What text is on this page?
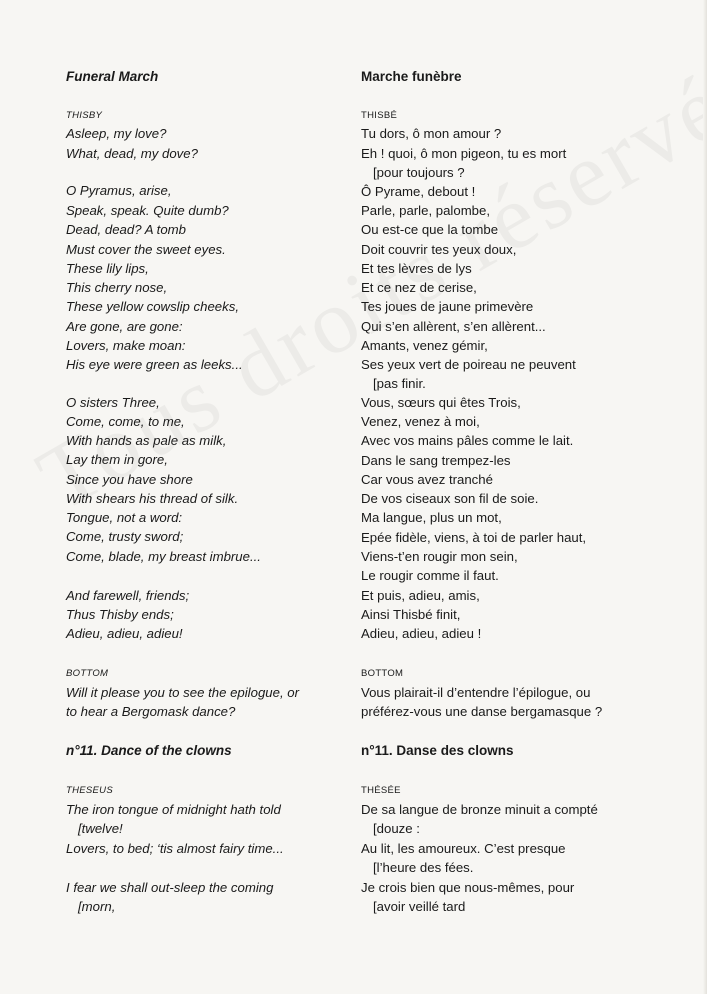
Funeral March
THISBY
Asleep, my love?
What, dead, my dove?
O Pyramus, arise,
Speak, speak. Quite dumb?
Dead, dead? A tomb
Must cover the sweet eyes.
These lily lips,
This cherry nose,
These yellow cowslip cheeks,
Are gone, are gone:
Lovers, make moan:
His eye were green as leeks...
O sisters Three,
Come, come, to me,
With hands as pale as milk,
Lay them in gore,
Since you have shore
With shears his thread of silk.
Tongue, not a word:
Come, trusty sword;
Come, blade, my breast imbrue...
And farewell, friends;
Thus Thisby ends;
Adieu, adieu, adieu!
BOTTOM
Will it please you to see the epilogue, or
to hear a Bergomask dance?
n°11. Dance of the clowns
THESEUS
The iron tongue of midnight hath told
[twelve!
Lovers, to bed; ‘tis almost fairy time...
I fear we shall out-sleep the coming
[morn,
Marche funèbre
THISBÉ
Tu dors, ô mon amour ?
Eh ! quoi, ô mon pigeon, tu es mort
[pour toujours ?
Ô Pyrame, debout !
Parle, parle, palombe,
Ou est-ce que la tombe
Doit couvrir tes yeux doux,
Et tes lèvres de lys
Et ce nez de cerise,
Tes joues de jaune primevère
Qui s’en allèrent, s’en allèrent...
Amants, venez gémir,
Ses yeux vert de poireau ne peuvent
[pas finir.
Vous, sœurs qui êtes Trois,
Venez, venez à moi,
Avec vos mains pâles comme le lait.
Dans le sang trempez-les
Car vous avez tranché
De vos ciseaux son fil de soie.
Ma langue, plus un mot,
Epée fidèle, viens, à toi de parler haut,
Viens-t’en rougir mon sein,
Le rougir comme il faut.
Et puis, adieu, amis,
Ainsi Thisbé finit,
Adieu, adieu, adieu !
BOTTOM
Vous plairait-il d’entendre l’épilogue, ou
préférez-vous une danse bergamasque ?
n°11. Danse des clowns
THÉSÉE
De sa langue de bronze minuit a compté
[douze :
Au lit, les amoureux. C’est presque
[l’heure des fées.
Je crois bien que nous-mêmes, pour
[avoir veillé tard
